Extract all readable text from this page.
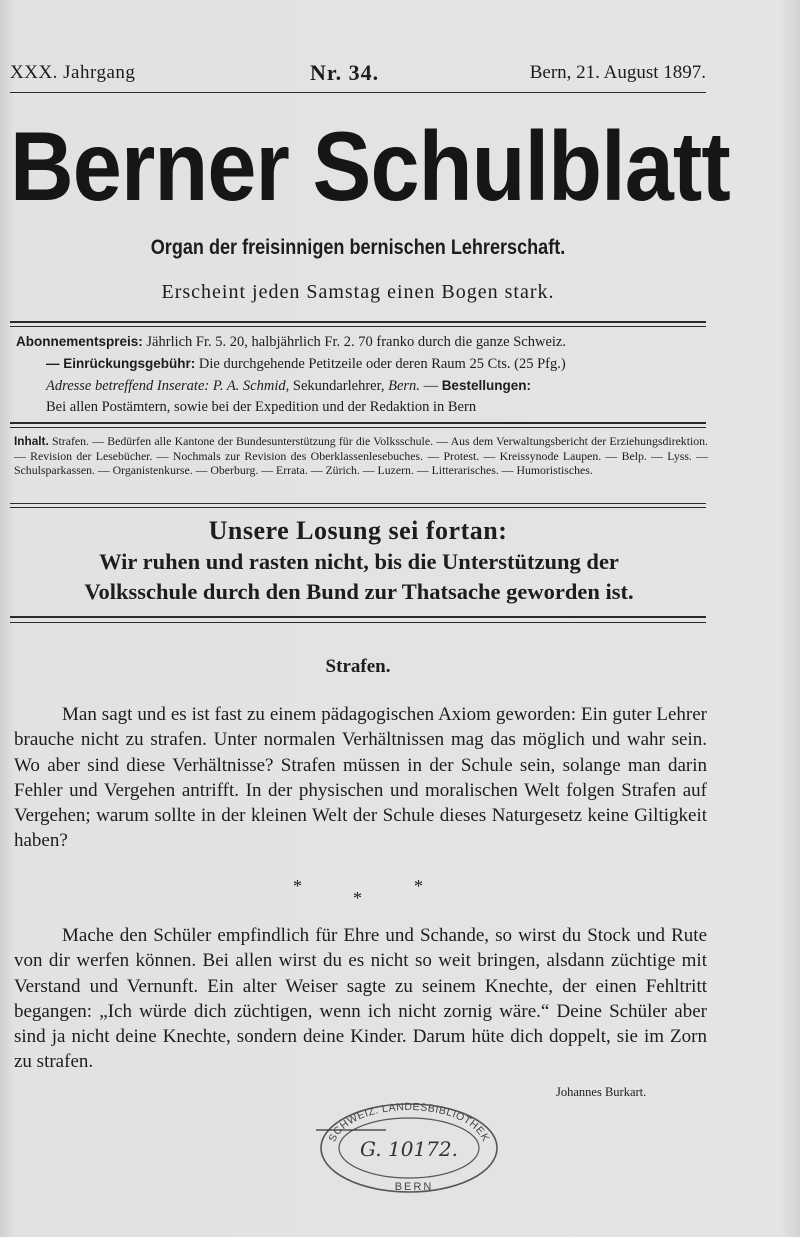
XXX. Jahrgang	Nr. 34.	Bern, 21. August 1897.
Berner Schulblatt
Organ der freisinnigen bernischen Lehrerschaft.
Erscheint jeden Samstag einen Bogen stark.
Abonnementspreis: Jährlich Fr. 5. 20, halbjährlich Fr. 2. 70 franko durch die ganze Schweiz.
— Einrückungsgebühr: Die durchgehende Petitzeile oder deren Raum 25 Cts. (25 Pfg.)
Adresse betreffend Inserate: P. A. Schmid, Sekundarlehrer, Bern. — Bestellungen:
Bei allen Postämtern, sowie bei der Expedition und der Redaktion in Bern
Inhalt. Strafen. — Bedürfen alle Kantone der Bundesunterstützung für die Volksschule. — Aus dem Verwaltungsbericht der Erziehungsdirektion. — Revision der Lesebücher. — Nochmals zur Revision des Oberklassenlesebuches. — Protest. — Kreissynode Laupen. — Belp. — Lyss. — Schulsparkassen. — Organistenkurse. — Oberburg. — Errata. — Zürich. — Luzern. — Litterarisches. — Humoristisches.
Unsere Losung sei fortan:
Wir ruhen und rasten nicht, bis die Unterstützung der
Volksschule durch den Bund zur Thatsache geworden ist.
Strafen.

Man sagt und es ist fast zu einem pädagogischen Axiom geworden: Ein guter Lehrer brauche nicht zu strafen. Unter normalen Verhältnissen mag das möglich und wahr sein. Wo aber sind diese Verhältnisse? Strafen müssen in der Schule sein, solange man darin Fehler und Vergehen antrifft. In der physischen und moralischen Welt folgen Strafen auf Vergehen; warum sollte in der kleinen Welt der Schule dieses Naturgesetz keine Giltigkeit haben?

*	*
*

Mache den Schüler empfindlich für Ehre und Schande, so wirst du Stock und Rute von dir werfen können. Bei allen wirst du es nicht so weit bringen, alsdann züchtige mit Verstand und Vernunft. Ein alter Weiser sagte zu seinem Knechte, der einen Fehltritt begangen: „Ich würde dich züchtigen, wenn ich nicht zornig wäre.“ Deine Schüler aber sind ja nicht deine Knechte, sondern deine Kinder. Darum hüte dich doppelt, sie im Zorn zu strafen.

Johannes Burkart.
SCHWEIZ. LANDESBIBLIOTHEK
G. 10172.
BERN
